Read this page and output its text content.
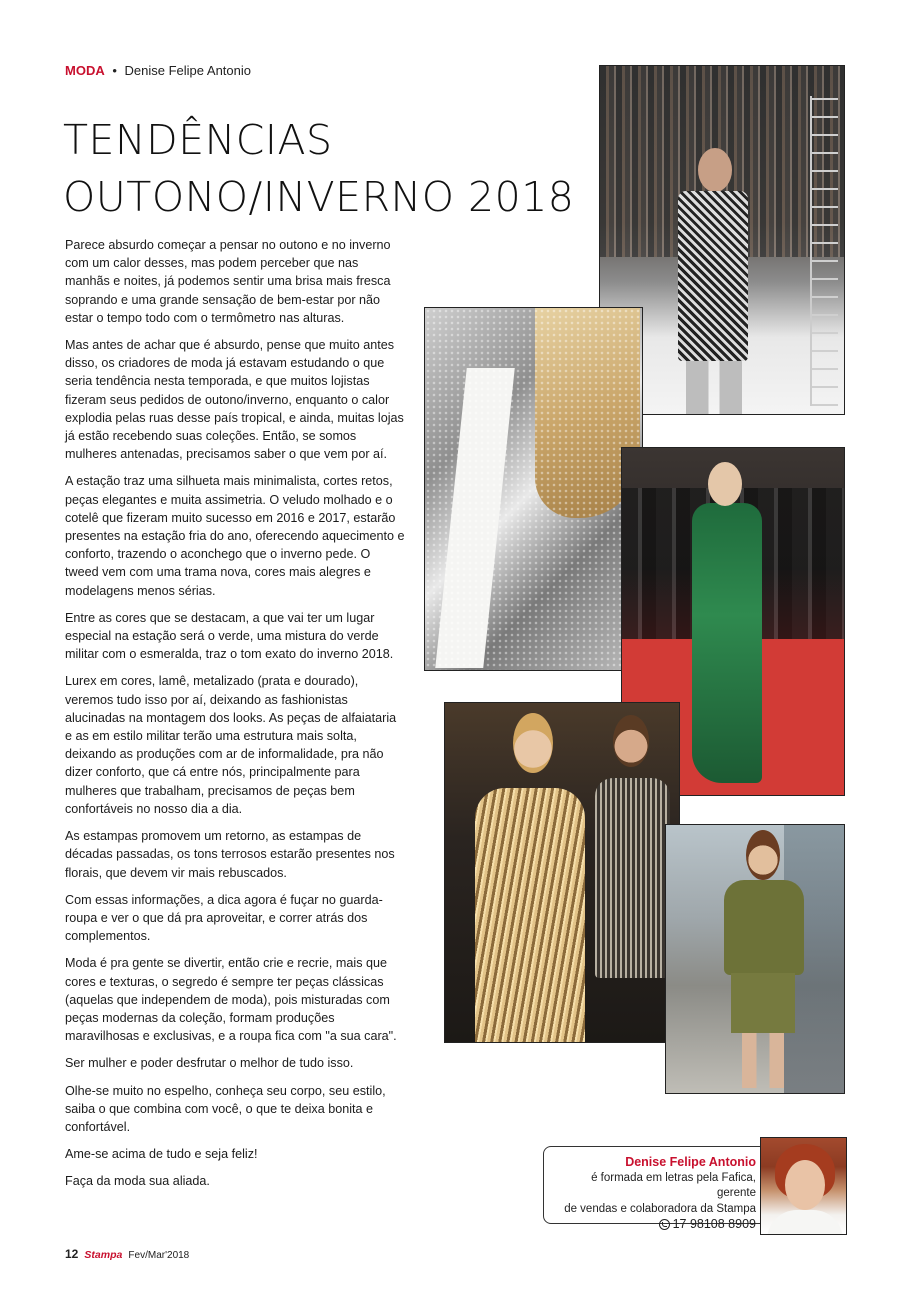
MODA • Denise Felipe Antonio
TENDÊNCIAS
OUTONO/INVERNO 2018

Parece absurdo começar a pensar no outono e no inverno com um calor desses, mas podem perceber que nas manhãs e noites, já podemos sentir uma brisa mais fresca soprando e uma grande sensação de bem-estar por não estar o tempo todo com o termômetro nas alturas.

Mas antes de achar que é absurdo, pense que muito antes disso, os criadores de moda já estavam estudando o que seria tendência nesta temporada, e que muitos lojistas fizeram seus pedidos de outono/inverno, enquanto o calor explodia pelas ruas desse país tropical, e ainda, muitas lojas já estão recebendo suas coleções. Então, se somos mulheres antenadas, precisamos saber o que vem por aí.

A estação traz uma silhueta mais minimalista, cortes retos, peças elegantes e muita assimetria. O veludo molhado e o cotelê que fizeram muito sucesso em 2016 e 2017, estarão presentes na estação fria do ano, oferecendo aquecimento e conforto, trazendo o aconchego que o inverno pede. O tweed vem com uma trama nova, cores mais alegres e modelagens menos sérias.

Entre as cores que se destacam, a que vai ter um lugar especial na estação será o verde, uma mistura do verde militar com o esmeralda, traz o tom exato do inverno 2018.

Lurex em cores, lamê, metalizado (prata e dourado), veremos tudo isso por aí, deixando as fashionistas alucinadas na montagem dos looks. As peças de alfaiataria e as em estilo militar terão uma estrutura mais solta, deixando as produções com ar de informalidade, pra não dizer conforto, que cá entre nós, principalmente para mulheres que trabalham, precisamos de peças bem confortáveis no nosso dia a dia.

As estampas promovem um retorno, as estampas de décadas passadas, os tons terrosos estarão presentes nos florais, que devem vir mais rebuscados.

Com essas informações, a dica agora é fuçar no guarda-roupa e ver o que dá pra aproveitar, e correr atrás dos complementos.

Moda é pra gente se divertir, então crie e recrie, mais que cores e texturas, o segredo é sempre ter peças clássicas (aquelas que independem de moda), pois misturadas com peças modernas da coleção, formam produções maravilhosas e exclusivas, e a roupa fica com "a sua cara".

Ser mulher e poder desfrutar o melhor de tudo isso.

Olhe-se muito no espelho, conheça seu corpo, seu estilo, saiba o que combina com você, o que te deixa bonita e confortável.

Ame-se acima de tudo e seja feliz!

Faça da moda sua aliada.

Denise Felipe Antonio
é formada em letras pela Fafica, gerente
de vendas e colaboradora da Stampa
17 98108 8909
12 Stampa Fev/Mar'2018
